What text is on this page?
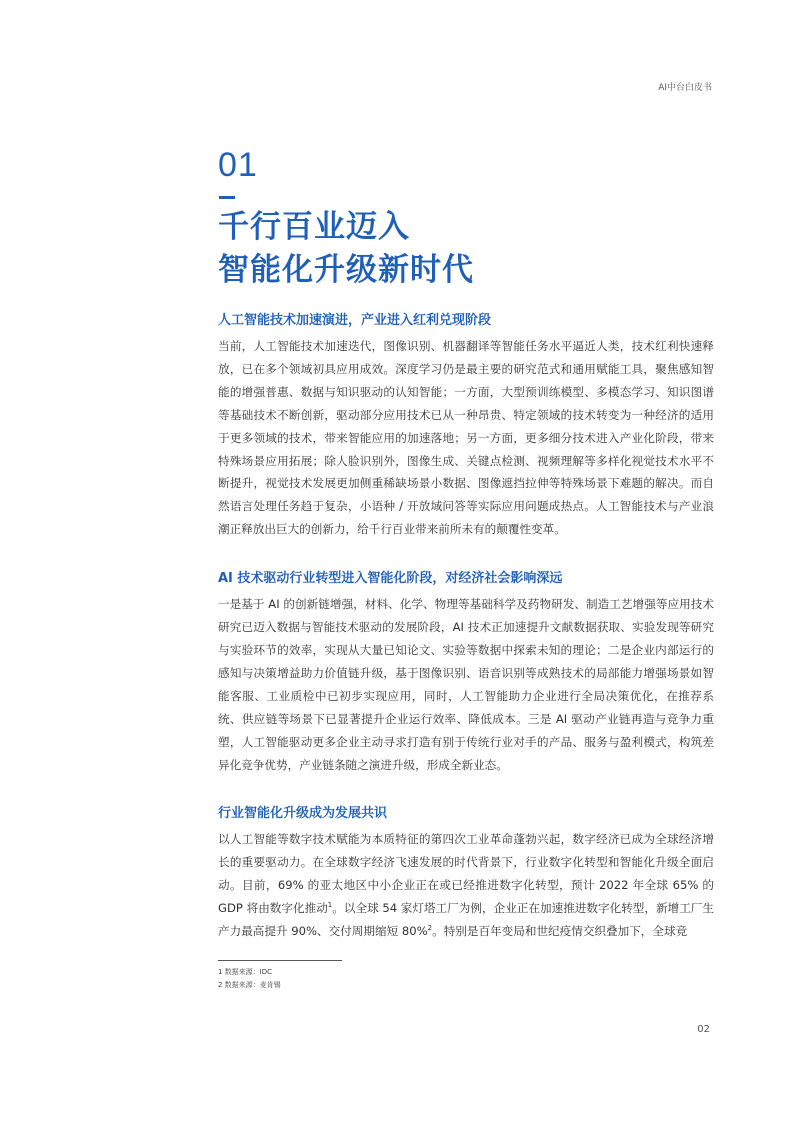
AI中台白皮书
01
千行百业迈入
智能化升级新时代
人工智能技术加速演进，产业进入红利兑现阶段

当前，人工智能技术加速迭代，图像识别、机器翻译等智能任务水平逼近人类，技术红利快速释放，已在多个领域初具应用成效。深度学习仍是最主要的研究范式和通用赋能工具，聚焦感知智能的增强普惠、数据与知识驱动的认知智能；一方面，大型预训练模型、多模态学习、知识图谱等基础技术不断创新，驱动部分应用技术已从一种昂贵、特定领域的技术转变为一种经济的适用于更多领域的技术，带来智能应用的加速落地；另一方面，更多细分技术进入产业化阶段，带来特殊场景应用拓展；除人脸识别外，图像生成、关键点检测、视频理解等多样化视觉技术水平不断提升，视觉技术发展更加侧重稀缺场景小数据、图像遮挡拉伸等特殊场景下难题的解决。而自然语言处理任务趋于复杂，小语种 / 开放域问答等实际应用问题成热点。人工智能技术与产业浪潮正释放出巨大的创新力，给千行百业带来前所未有的颠覆性变革。

AI 技术驱动行业转型进入智能化阶段，对经济社会影响深远

一是基于 AI 的创新链增强，材料、化学、物理等基础科学及药物研发、制造工艺增强等应用技术研究已迈入数据与智能技术驱动的发展阶段，AI 技术正加速提升文献数据获取、实验发现等研究与实验环节的效率，实现从大量已知论文、实验等数据中探索未知的理论；二是企业内部运行的感知与决策增益助力价值链升级，基于图像识别、语音识别等成熟技术的局部能力增强场景如智能客服、工业质检中已初步实现应用，同时，人工智能助力企业进行全局决策优化，在推荐系统、供应链等场景下已显著提升企业运行效率、降低成本。三是 AI 驱动产业链再造与竞争力重塑，人工智能驱动更多企业主动寻求打造有别于传统行业对手的产品、服务与盈利模式，构筑差异化竞争优势，产业链条随之演进升级，形成全新业态。

行业智能化升级成为发展共识

以人工智能等数字技术赋能为本质特征的第四次工业革命蓬勃兴起，数字经济已成为全球经济增长的重要驱动力。在全球数字经济飞速发展的时代背景下，行业数字化转型和智能化升级全面启动。目前，69% 的亚太地区中小企业正在或已经推进数字化转型，预计 2022 年全球 65% 的 GDP 将由数字化推动$^1$。以全球 54 家灯塔工厂为例，企业正在加速推进数字化转型，新增工厂生产力最高提升 90%、交付周期缩短 80%$^2$。特别是百年变局和世纪疫情交织叠加下，全球竞

1 数据来源：IDC
2 数据来源：麦肯锡
02
